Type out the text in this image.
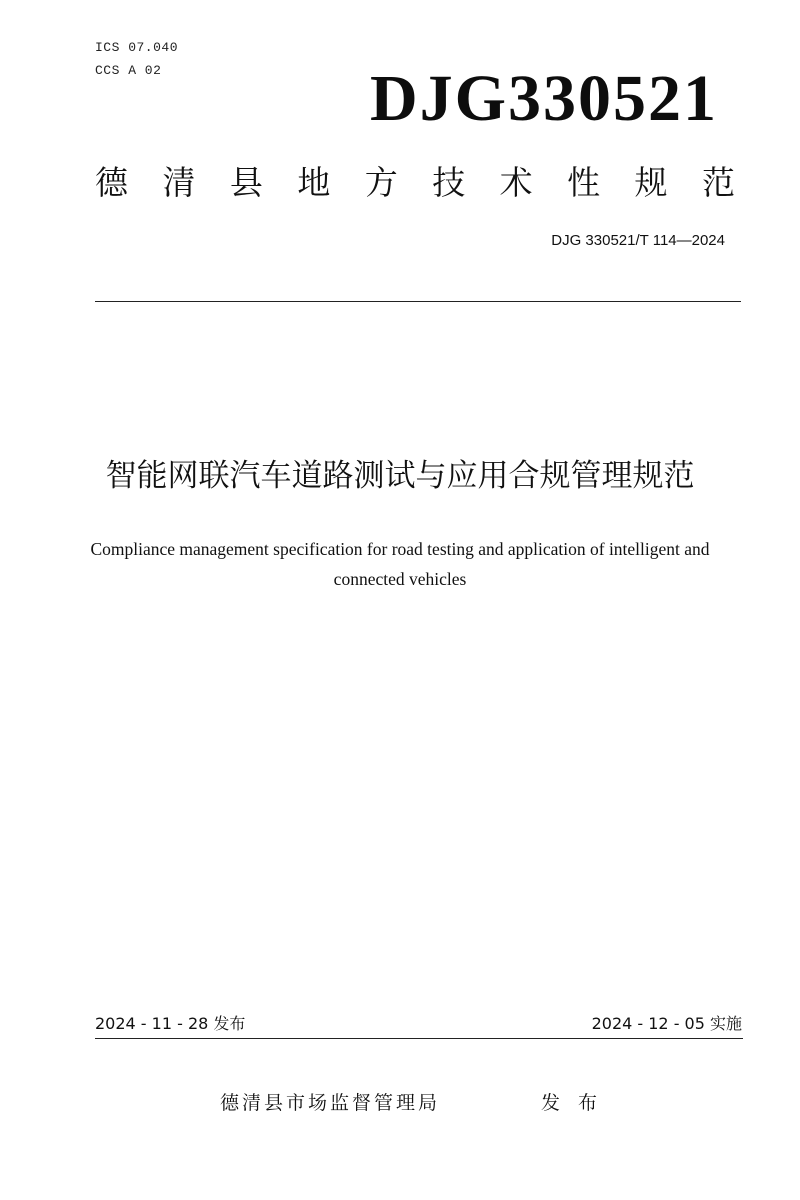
ICS 07.040
CCS A 02	DJG330521
德 清 县 地 方 技 术 性 规 范
DJG 330521/T 114—2024
智能网联汽车道路测试与应用合规管理规范
Compliance management specification for road testing and application of intelligent and
connected vehicles
2024 - 11 - 28 发布	2024 - 12 - 05 实施
德清县市场监督管理局	发 布
